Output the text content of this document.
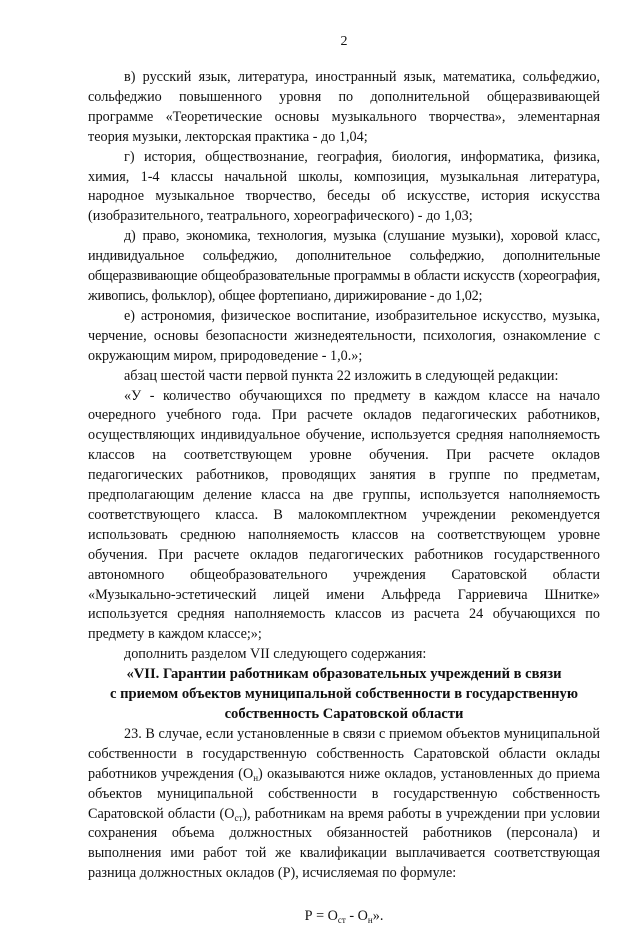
2

в) русский язык, литература, иностранный язык, математика, сольфеджио, сольфеджио повышенного уровня по дополнительной общеразвивающей программе «Теоретические основы музыкального творчества», элементарная теория музыки, лекторская практика - до 1,04;

г) история, обществознание, география, биология, информатика, физика, химия, 1-4 классы начальной школы, композиция, музыкальная литература, народное музыкальное творчество, беседы об искусстве, история искусства (изобразительного, театрального, хореографического) - до 1,03;

д) право, экономика, технология, музыка (слушание музыки), хоровой класс, индивидуальное сольфеджио, дополнительное сольфеджио, дополнительные общеразвивающие общеобразовательные программы в области искусств (хореография, живопись, фольклор), общее фортепиано, дирижирование - до 1,02;

е) астрономия, физическое воспитание, изобразительное искусство, музыка, черчение, основы безопасности жизнедеятельности, психология, ознакомление с окружающим миром, природоведение - 1,0.»;

абзац шестой части первой пункта 22 изложить в следующей редакции:

«У - количество обучающихся по предмету в каждом классе на начало очередного учебного года. При расчете окладов педагогических работников, осуществляющих индивидуальное обучение, используется средняя наполняемость классов на соответствующем уровне обучения. При расчете окладов педагогических работников, проводящих занятия в группе по предметам, предполагающим деление класса на две группы, используется наполняемость соответствующего класса. В малокомплектном учреждении рекомендуется использовать среднюю наполняемость классов на соответствующем уровне обучения. При расчете окладов педагогических работников государственного автономного общеобразовательного учреждения Саратовской области «Музыкально-эстетический лицей имени Альфреда Гарриевича Шнитке» используется средняя наполняемость классов из расчета 24 обучающихся по предмету в каждом классе;»;

дополнить разделом VII следующего содержания:

«VII. Гарантии работникам образовательных учреждений в связи

с приемом объектов муниципальной собственности в государственную

собственность Саратовской области

23. В случае, если установленные в связи с приемом объектов муниципальной собственности в государственную собственность Саратовской области оклады работников учреждения $(О_н)$ оказываются ниже окладов, установленных до приема объектов муниципальной собственности в государственную собственность Саратовской области $(О_{ст})$, работникам на время работы в учреждении при условии сохранения объема должностных обязанностей работников (персонала) и выполнения ими работ той же квалификации выплачивается соответствующая разница должностных окладов (Р), исчисляемая по формуле:

$Р = О_{ст} - О_н$».
